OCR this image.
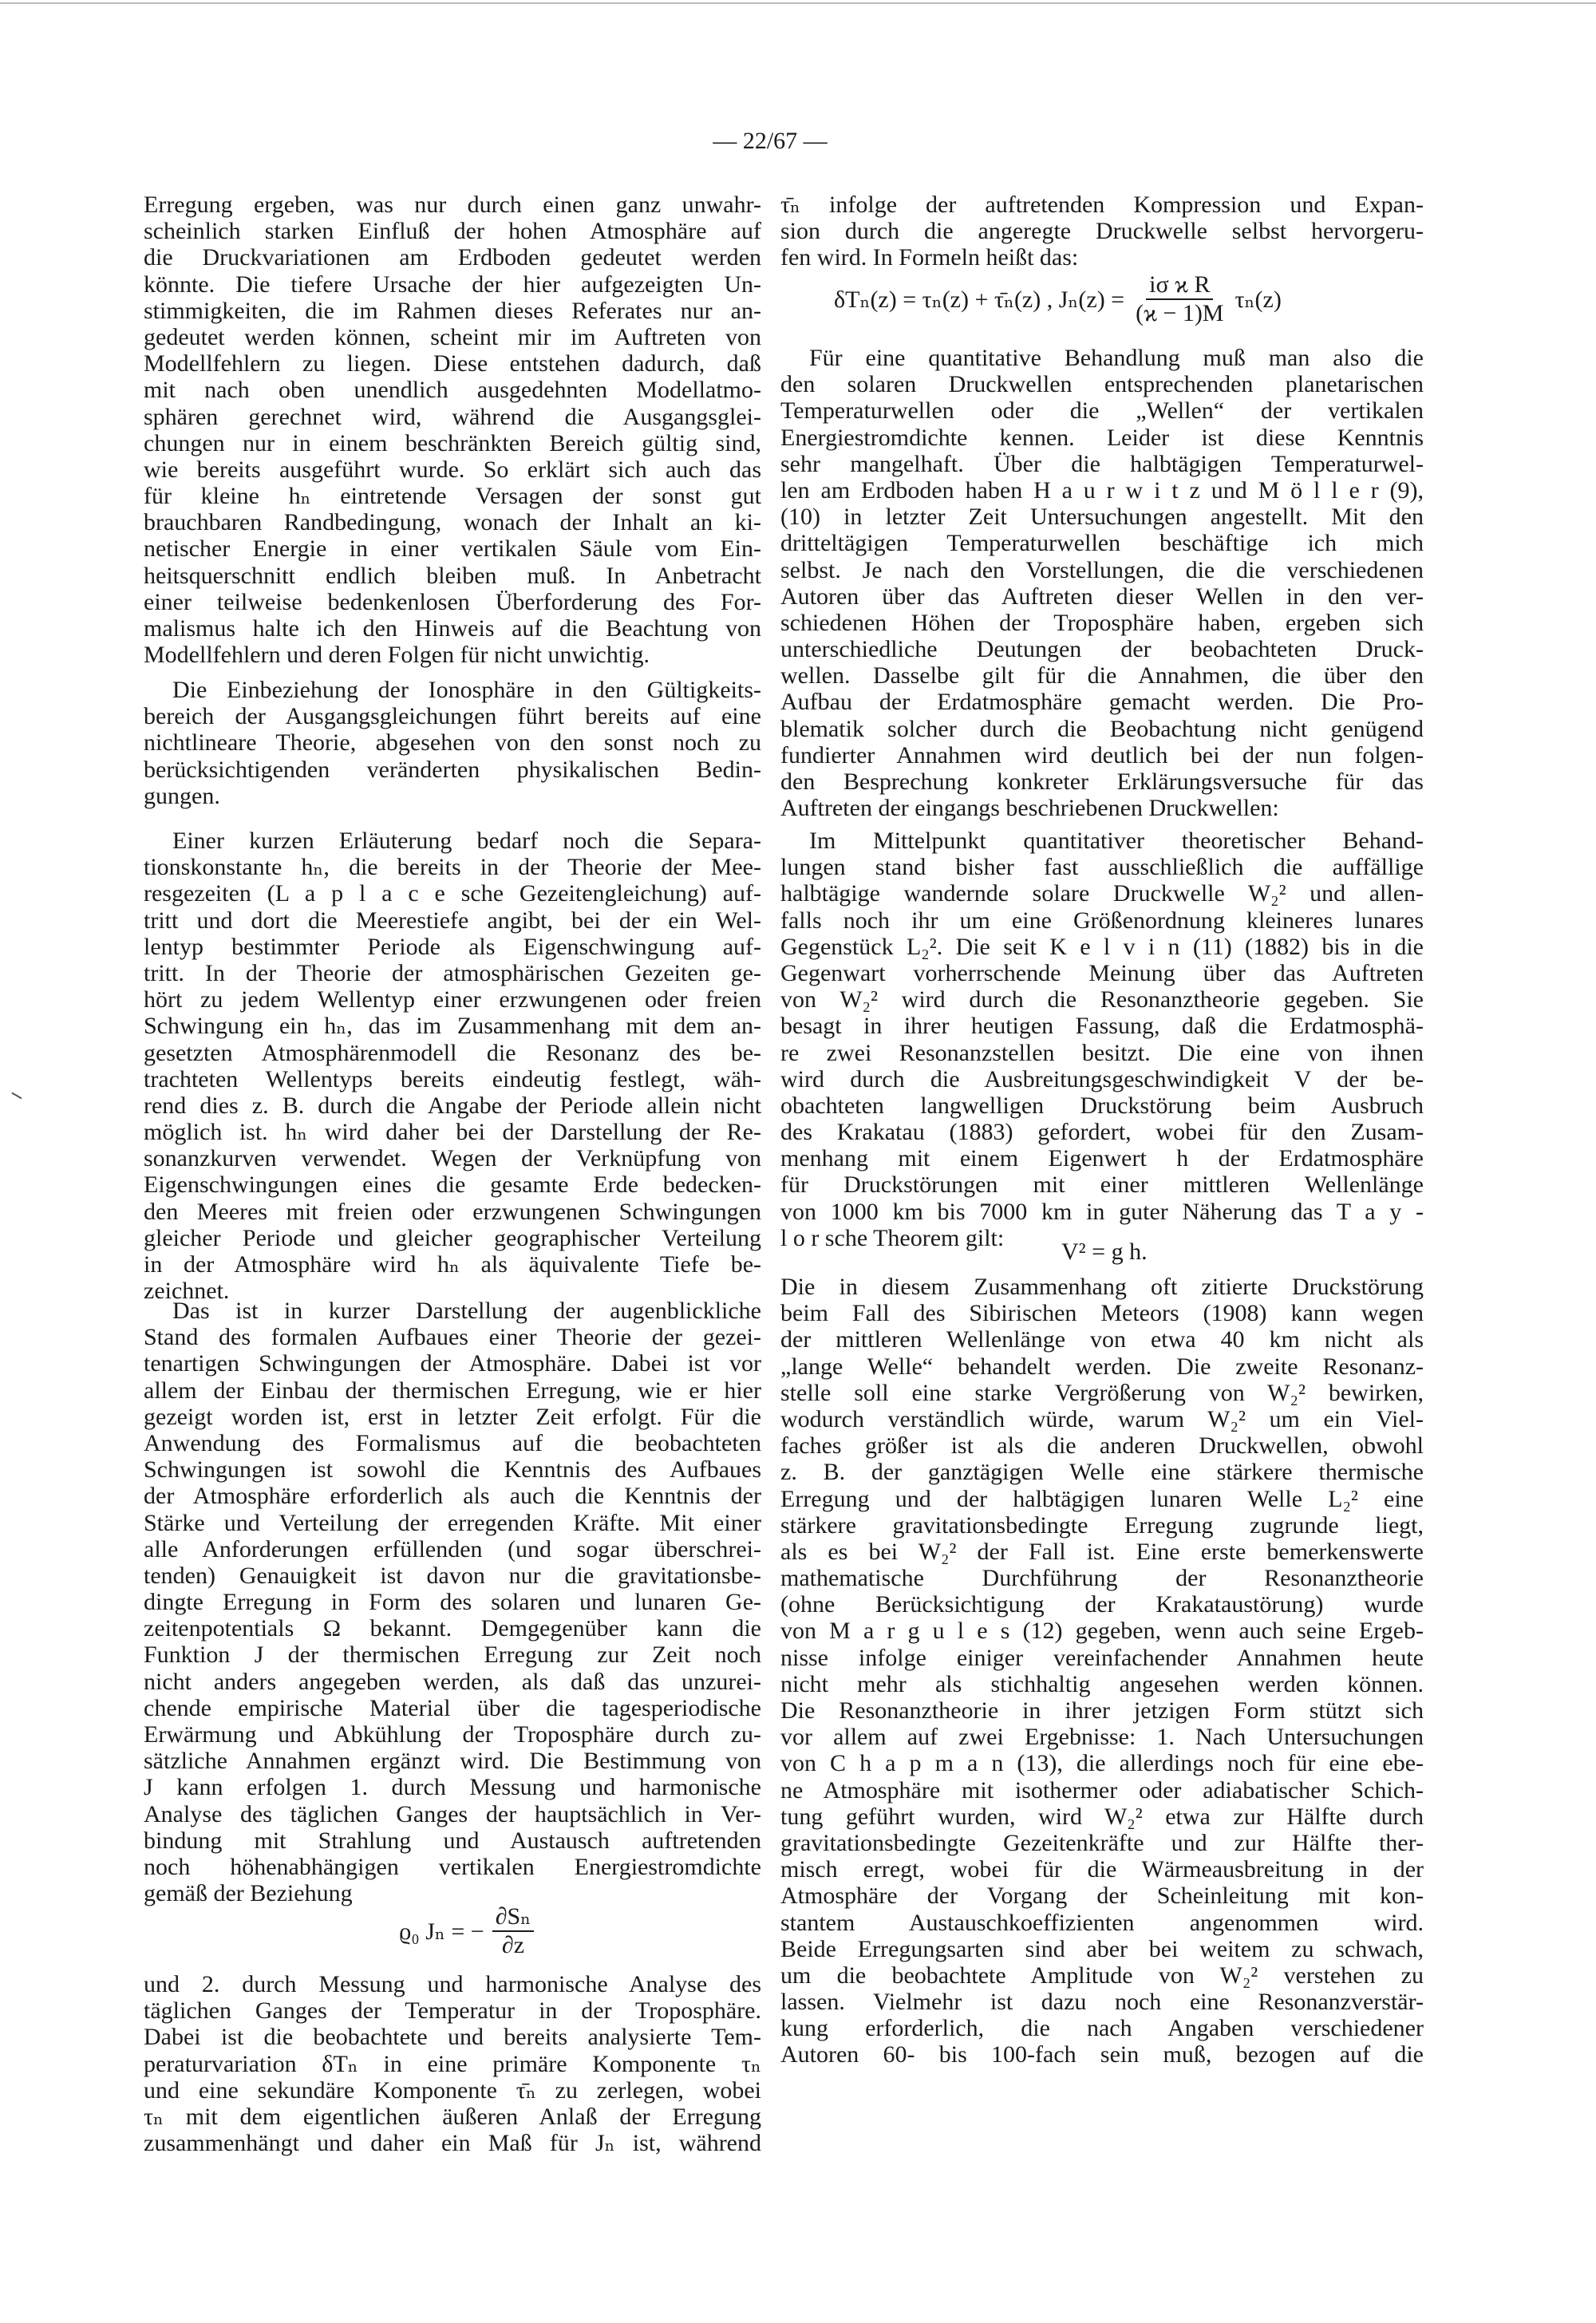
— 22/67 —
Erregung ergeben, was nur durch einen ganz unwahr-
scheinlich starken Einfluß der hohen Atmosphäre auf
die Druckvariationen am Erdboden gedeutet werden
könnte. Die tiefere Ursache der hier aufgezeigten Un-
stimmigkeiten, die im Rahmen dieses Referates nur an-
gedeutet werden können, scheint mir im Auftreten von
Modellfehlern zu liegen. Diese entstehen dadurch, daß
mit nach oben unendlich ausgedehnten Modellatmo-
sphären gerechnet wird, während die Ausgangsglei-
chungen nur in einem beschränkten Bereich gültig sind,
wie bereits ausgeführt wurde. So erklärt sich auch das
für kleine hₙ eintretende Versagen der sonst gut
brauchbaren Randbedingung, wonach der Inhalt an ki-
netischer Energie in einer vertikalen Säule vom Ein-
heitsquerschnitt endlich bleiben muß. In Anbetracht
einer teilweise bedenkenlosen Überforderung des For-
malismus halte ich den Hinweis auf die Beachtung von
Modellfehlern und deren Folgen für nicht unwichtig.
Die Einbeziehung der Ionosphäre in den Gültigkeits-
bereich der Ausgangsgleichungen führt bereits auf eine
nichtlineare Theorie, abgesehen von den sonst noch zu
berücksichtigenden veränderten physikalischen Bedin-
gungen.
Einer kurzen Erläuterung bedarf noch die Separa-
tionskonstante hₙ, die bereits in der Theorie der Mee-
resgezeiten (L a p l a c e sche Gezeitengleichung) auf-
tritt und dort die Meerestiefe angibt, bei der ein Wel-
lentyp bestimmter Periode als Eigenschwingung auf-
tritt. In der Theorie der atmosphärischen Gezeiten ge-
hört zu jedem Wellentyp einer erzwungenen oder freien
Schwingung ein hₙ, das im Zusammenhang mit dem an-
gesetzten Atmosphärenmodell die Resonanz des be-
trachteten Wellentyps bereits eindeutig festlegt, wäh-
rend dies z. B. durch die Angabe der Periode allein nicht
möglich ist. hₙ wird daher bei der Darstellung der Re-
sonanzkurven verwendet. Wegen der Verknüpfung von
Eigenschwingungen eines die gesamte Erde bedecken-
den Meeres mit freien oder erzwungenen Schwingungen
gleicher Periode und gleicher geographischer Verteilung
in der Atmosphäre wird hₙ als äquivalente Tiefe be-
zeichnet.
Das ist in kurzer Darstellung der augenblickliche
Stand des formalen Aufbaues einer Theorie der gezei-
tenartigen Schwingungen der Atmosphäre. Dabei ist vor
allem der Einbau der thermischen Erregung, wie er hier
gezeigt worden ist, erst in letzter Zeit erfolgt. Für die
Anwendung des Formalismus auf die beobachteten
Schwingungen ist sowohl die Kenntnis des Aufbaues
der Atmosphäre erforderlich als auch die Kenntnis der
Stärke und Verteilung der erregenden Kräfte. Mit einer
alle Anforderungen erfüllenden (und sogar überschrei-
tenden) Genauigkeit ist davon nur die gravitationsbe-
dingte Erregung in Form des solaren und lunaren Ge-
zeitenpotentials Ω bekannt. Demgegenüber kann die
Funktion J der thermischen Erregung zur Zeit noch
nicht anders angegeben werden, als daß das unzurei-
chende empirische Material über die tagesperiodische
Erwärmung und Abkühlung der Troposphäre durch zu-
sätzliche Annahmen ergänzt wird. Die Bestimmung von
J kann erfolgen 1. durch Messung und harmonische
Analyse des täglichen Ganges der hauptsächlich in Ver-
bindung mit Strahlung und Austausch auftretenden
noch höhenabhängigen vertikalen Energiestromdichte
gemäß der Beziehung
ϱ₀ Jₙ = − $\frac{\text{∂Sₙ}}{\partial z}$
und 2. durch Messung und harmonische Analyse des
täglichen Ganges der Temperatur in der Troposphäre.
Dabei ist die beobachtete und bereits analysierte Tem-
peraturvariation δTₙ in eine primäre Komponente τₙ
und eine sekundäre Komponente τ̄ₙ zu zerlegen, wobei
τₙ mit dem eigentlichen äußeren Anlaß der Erregung
zusammenhängt und daher ein Maß für Jₙ ist, während
τ̄ₙ infolge der auftretenden Kompression und Expan-
sion durch die angeregte Druckwelle selbst hervorgeru-
fen wird. In Formeln heißt das:
δTₙ(z) = τₙ(z) + τ̄ₙ(z) , $J_n(z) = \frac{\text{iσ ϰ R}}{(ϰ - 1)M} \tau_n(z)$
Für eine quantitative Behandlung muß man also die
den solaren Druckwellen entsprechenden planetarischen
Temperaturwellen oder die „Wellen“ der vertikalen
Energiestromdichte kennen. Leider ist diese Kenntnis
sehr mangelhaft. Über die halbtägigen Temperaturwel-
len am Erdboden haben H a u r w i t z und M ö l l e r (9),
(10) in letzter Zeit Untersuchungen angestellt. Mit den
dritteltägigen Temperaturwellen beschäftige ich mich
selbst. Je nach den Vorstellungen, die die verschiedenen
Autoren über das Auftreten dieser Wellen in den ver-
schiedenen Höhen der Troposphäre haben, ergeben sich
unterschiedliche Deutungen der beobachteten Druck-
wellen. Dasselbe gilt für die Annahmen, die über den
Aufbau der Erdatmosphäre gemacht werden. Die Pro-
blematik solcher durch die Beobachtung nicht genügend
fundierter Annahmen wird deutlich bei der nun folgen-
den Besprechung konkreter Erklärungsversuche für das
Auftreten der eingangs beschriebenen Druckwellen:
Im Mittelpunkt quantitativer theoretischer Behand-
lungen stand bisher fast ausschließlich die auffällige
halbtägige wandernde solare Druckwelle W₂² und allen-
falls noch ihr um eine Größenordnung kleineres lunares
Gegenstück L₂². Die seit K e l v i n (11) (1882) bis in die
Gegenwart vorherrschende Meinung über das Auftreten
von W₂² wird durch die Resonanztheorie gegeben. Sie
besagt in ihrer heutigen Fassung, daß die Erdatmosphä-
re zwei Resonanzstellen besitzt. Die eine von ihnen
wird durch die Ausbreitungsgeschwindigkeit V der be-
obachteten langwelligen Druckstörung beim Ausbruch
des Krakatau (1883) gefordert, wobei für den Zusam-
menhang mit einem Eigenwert h der Erdatmosphäre
für Druckstörungen mit einer mittleren Wellenlänge
von 1000 km bis 7000 km in guter Näherung das T a y -
l o r sche Theorem gilt:
V² = g h.
Die in diesem Zusammenhang oft zitierte Druckstörung
beim Fall des Sibirischen Meteors (1908) kann wegen
der mittleren Wellenlänge von etwa 40 km nicht als
„lange Welle“ behandelt werden. Die zweite Resonanz-
stelle soll eine starke Vergrößerung von W₂² bewirken,
wodurch verständlich würde, warum W₂² um ein Viel-
faches größer ist als die anderen Druckwellen, obwohl
z. B. der ganztägigen Welle eine stärkere thermische
Erregung und der halbtägigen lunaren Welle L₂² eine
stärkere gravitationsbedingte Erregung zugrunde liegt,
als es bei W₂² der Fall ist. Eine erste bemerkenswerte
mathematische Durchführung der Resonanztheorie
(ohne Berücksichtigung der Krakataustörung) wurde
von M a r g u l e s (12) gegeben, wenn auch seine Ergeb-
nisse infolge einiger vereinfachender Annahmen heute
nicht mehr als stichhaltig angesehen werden können.
Die Resonanztheorie in ihrer jetzigen Form stützt sich
vor allem auf zwei Ergebnisse: 1. Nach Untersuchungen
von C h a p m a n (13), die allerdings noch für eine ebe-
ne Atmosphäre mit isothermer oder adiabatischer Schich-
tung geführt wurden, wird W₂² etwa zur Hälfte durch
gravitationsbedingte Gezeitenkräfte und zur Hälfte ther-
misch erregt, wobei für die Wärmeausbreitung in der
Atmosphäre der Vorgang der Scheinleitung mit kon-
stantem Austauschkoeffizienten angenommen wird.
Beide Erregungsarten sind aber bei weitem zu schwach,
um die beobachtete Amplitude von W₂² verstehen zu
lassen. Vielmehr ist dazu noch eine Resonanzverstär-
kung erforderlich, die nach Angaben verschiedener
Autoren 60- bis 100-fach sein muß, bezogen auf die
